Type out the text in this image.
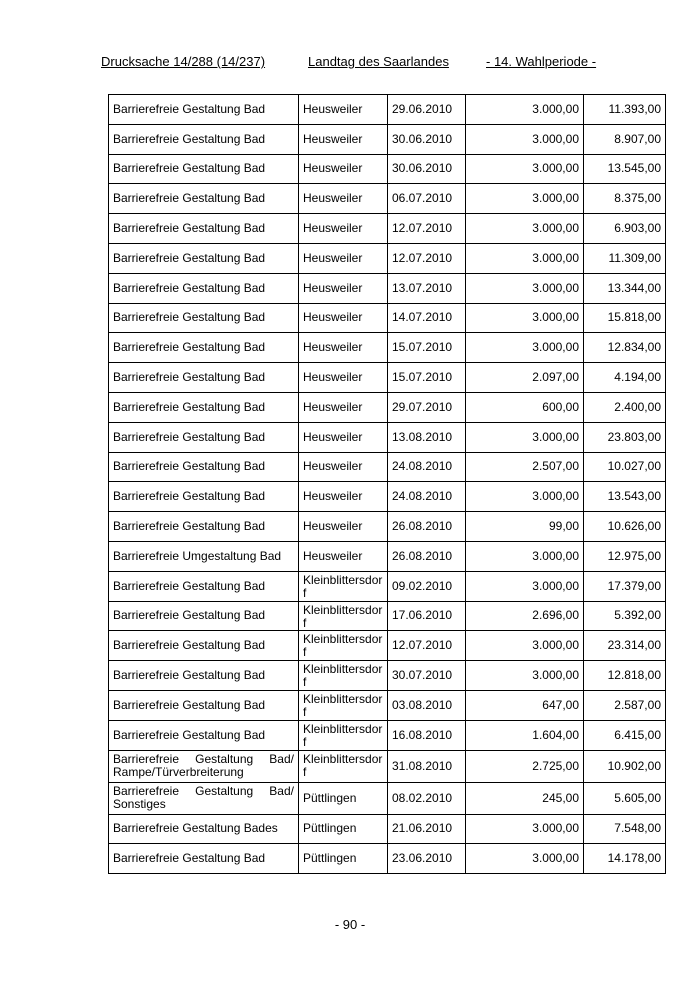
Drucksache 14/288 (14/237)	Landtag des Saarlandes	- 14. Wahlperiode -
Barrierefreie Gestaltung Bad	Heusweiler	29.06.2010	3.000,00	11.393,00
Barrierefreie Gestaltung Bad	Heusweiler	30.06.2010	3.000,00	8.907,00
Barrierefreie Gestaltung Bad	Heusweiler	30.06.2010	3.000,00	13.545,00
Barrierefreie Gestaltung Bad	Heusweiler	06.07.2010	3.000,00	8.375,00
Barrierefreie Gestaltung Bad	Heusweiler	12.07.2010	3.000,00	6.903,00
Barrierefreie Gestaltung Bad	Heusweiler	12.07.2010	3.000,00	11.309,00
Barrierefreie Gestaltung Bad	Heusweiler	13.07.2010	3.000,00	13.344,00
Barrierefreie Gestaltung Bad	Heusweiler	14.07.2010	3.000,00	15.818,00
Barrierefreie Gestaltung Bad	Heusweiler	15.07.2010	3.000,00	12.834,00
Barrierefreie Gestaltung Bad	Heusweiler	15.07.2010	2.097,00	4.194,00
Barrierefreie Gestaltung Bad	Heusweiler	29.07.2010	600,00	2.400,00
Barrierefreie Gestaltung Bad	Heusweiler	13.08.2010	3.000,00	23.803,00
Barrierefreie Gestaltung Bad	Heusweiler	24.08.2010	2.507,00	10.027,00
Barrierefreie Gestaltung Bad	Heusweiler	24.08.2010	3.000,00	13.543,00
Barrierefreie Gestaltung Bad	Heusweiler	26.08.2010	99,00	10.626,00
Barrierefreie Umgestaltung Bad	Heusweiler	26.08.2010	3.000,00	12.975,00
Barrierefreie Gestaltung Bad	Kleinblittersdorf	09.02.2010	3.000,00	17.379,00
Barrierefreie Gestaltung Bad	Kleinblittersdorf	17.06.2010	2.696,00	5.392,00
Barrierefreie Gestaltung Bad	Kleinblittersdorf	12.07.2010	3.000,00	23.314,00
Barrierefreie Gestaltung Bad	Kleinblittersdorf	30.07.2010	3.000,00	12.818,00
Barrierefreie Gestaltung Bad	Kleinblittersdorf	03.08.2010	647,00	2.587,00
Barrierefreie Gestaltung Bad	Kleinblittersdorf	16.08.2010	1.604,00	6.415,00
Barrierefreie Gestaltung Bad/ Rampe/Türverbreiterung	Kleinblittersdorf	31.08.2010	2.725,00	10.902,00
Barrierefreie Gestaltung Bad/ Sonstiges	Püttlingen	08.02.2010	245,00	5.605,00
Barrierefreie Gestaltung Bades	Püttlingen	21.06.2010	3.000,00	7.548,00
Barrierefreie Gestaltung Bad	Püttlingen	23.06.2010	3.000,00	14.178,00
- 90 -
